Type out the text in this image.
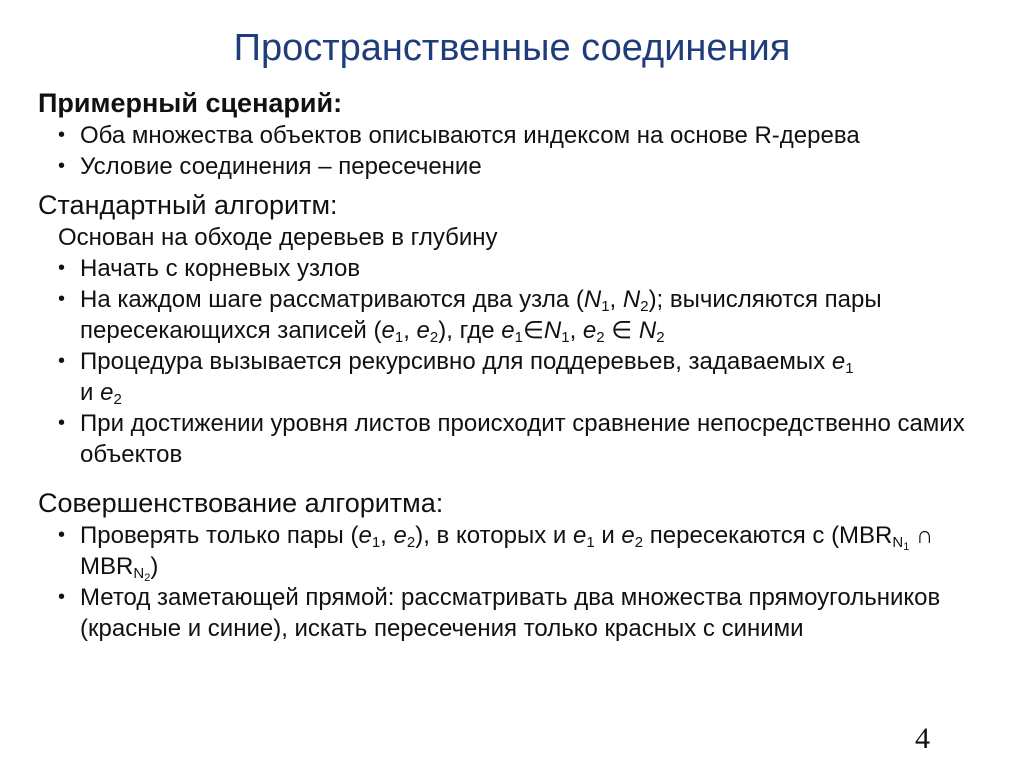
Пространственные соединения

Примерный сценарий:

• Оба множества объектов описываются индексом на основе R-дерева
• Условие соединения – пересечение

Стандартный алгоритм:

Основан на обходе деревьев в глубину

• Начать с корневых узлов
• На каждом шаге рассматриваются два узла ($N_1$, $N_2$); вычисляются пары пересекающихся записей ($e_1$, $e_2$), где $e_1\in N_1$, $e_2$ ∈ $N_2$
• Процедура вызывается рекурсивно для поддеревьев, задаваемых $e_1$
и $e_2$
• При достижении уровня листов происходит сравнение непосредственно самих объектов

Совершенствование алгоритма:

• Проверять только пары ($e_1$, $e_2$), в которых и $e_1$ и $e_2$ пересекаются с ($MBR_{N_1}$ ∩ $MBR_{N_2}$)
• Метод заметающей прямой: рассматривать два множества прямоугольников (красные и синие), искать пересечения только красных с синими
4
